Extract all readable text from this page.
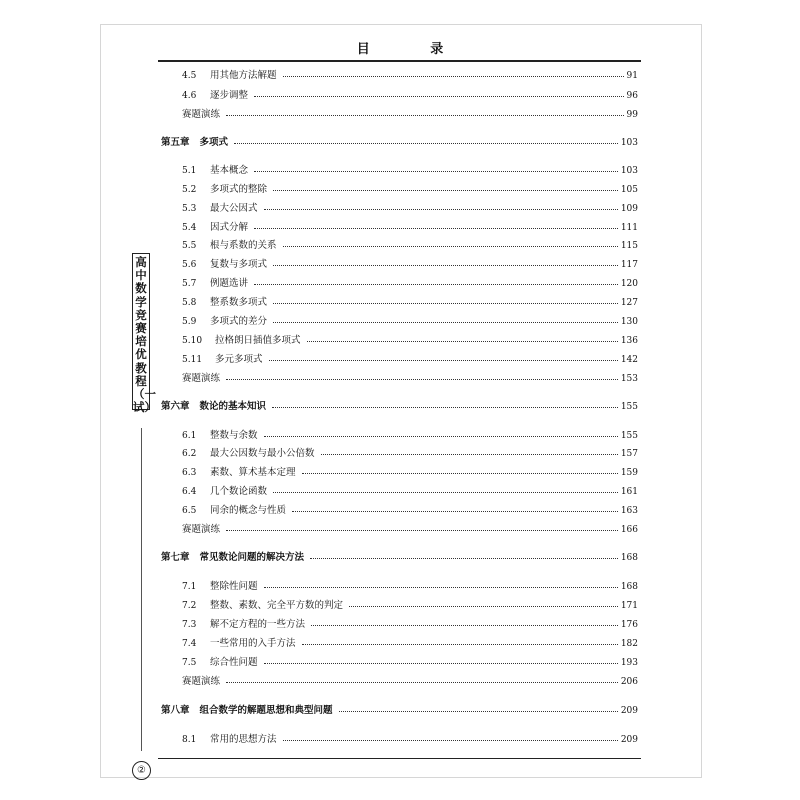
目 录
高中数学竞赛培优教程（一试）
4.5	用其他方法解题	91
4.6	逐步调整	96
赛题演练	99
第五章 多项式	103
5.1	基本概念	103
5.2	多项式的整除	105
5.3	最大公因式	109
5.4	因式分解	111
5.5	根与系数的关系	115
5.6	复数与多项式	117
5.7	例题选讲	120
5.8	整系数多项式	127
5.9	多项式的差分	130
5.10	拉格朗日插值多项式	136
5.11	多元多项式	142
赛题演练	153
第六章 数论的基本知识	155
6.1	整数与余数	155
6.2	最大公因数与最小公倍数	157
6.3	素数、算术基本定理	159
6.4	几个数论函数	161
6.5	同余的概念与性质	163
赛题演练	166
第七章 常见数论问题的解决方法	168
7.1	整除性问题	168
7.2	整数、素数、完全平方数的判定	171
7.3	解不定方程的一些方法	176
7.4	一些常用的入手方法	182
7.5	综合性问题	193
赛题演练	206
第八章 组合数学的解题思想和典型问题	209
8.1	常用的思想方法	209
②
